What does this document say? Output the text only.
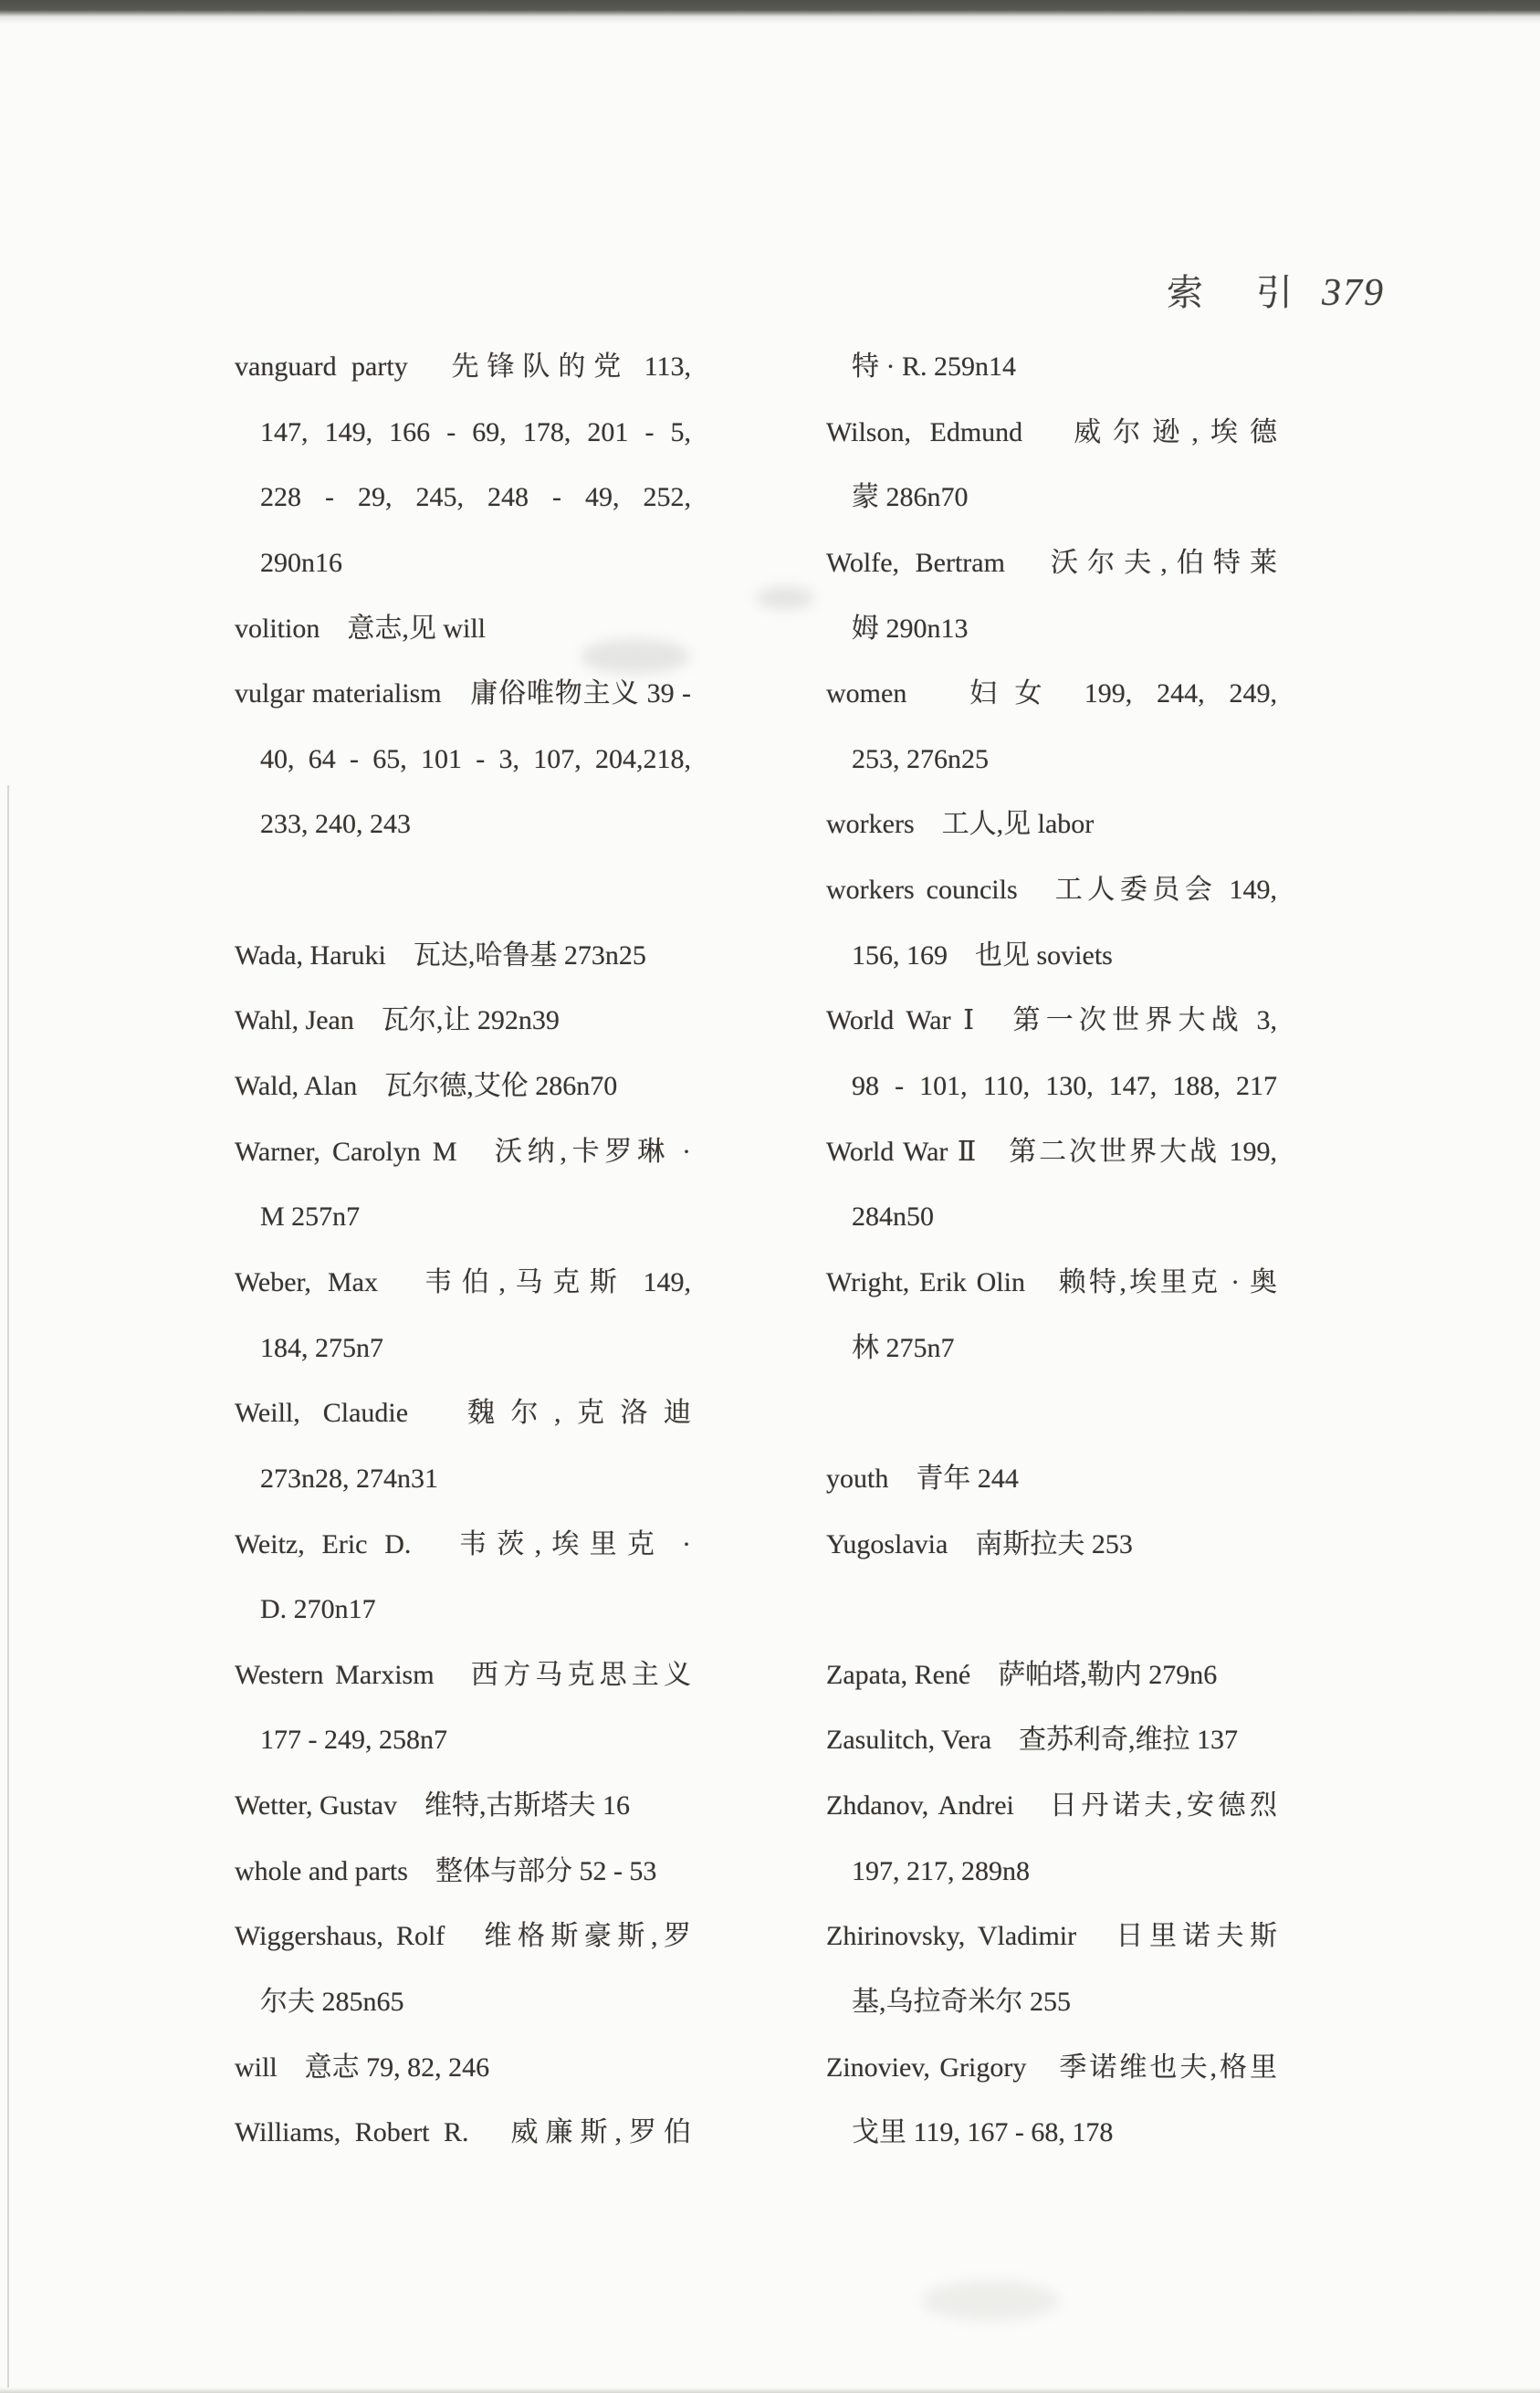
索 引 379

vanguard party　先锋队的党 113,
147, 149, 166 - 69, 178, 201 - 5,
228 - 29, 245, 248 - 49, 252,
290n16
volition　意志,见 will
vulgar materialism　庸俗唯物主义 39 -
40, 64 - 65, 101 - 3, 107, 204,218,
233, 240, 243

Wada, Haruki　瓦达,哈鲁基 273n25
Wahl, Jean　瓦尔,让 292n39
Wald, Alan　瓦尔德,艾伦 286n70
Warner, Carolyn M　沃纳,卡罗琳 ·
M 257n7
Weber, Max　韦伯,马克斯 149,
184, 275n7
Weill, Claudie　魏尔,克洛迪
273n28, 274n31
Weitz, Eric D.　韦茨,埃里克 ·
D. 270n17
Western Marxism　西方马克思主义
177 - 249, 258n7
Wetter, Gustav　维特,古斯塔夫 16
whole and parts　整体与部分 52 - 53
Wiggershaus, Rolf　维格斯豪斯,罗
尔夫 285n65
will　意志 79, 82, 246
Williams, Robert R.　威廉斯,罗伯
特 · R. 259n14
Wilson, Edmund　威尔逊,埃德
蒙 286n70
Wolfe, Bertram　沃尔夫,伯特莱
姆 290n13
women　妇女 199, 244, 249,
253, 276n25
workers　工人,见 labor
workers councils　工人委员会 149,
156, 169　也见 soviets
World War Ⅰ　第一次世界大战 3,
98 - 101, 110, 130, 147, 188, 217
World War Ⅱ　第二次世界大战 199,
284n50
Wright, Erik Olin　赖特,埃里克 · 奥
林 275n7

youth　青年 244
Yugoslavia　南斯拉夫 253

Zapata, René　萨帕塔,勒内 279n6
Zasulitch, Vera　查苏利奇,维拉 137
Zhdanov, Andrei　日丹诺夫,安德烈
197, 217, 289n8
Zhirinovsky, Vladimir　日里诺夫斯
基,乌拉奇米尔 255
Zinoviev, Grigory　季诺维也夫,格里
戈里 119, 167 - 68, 178
